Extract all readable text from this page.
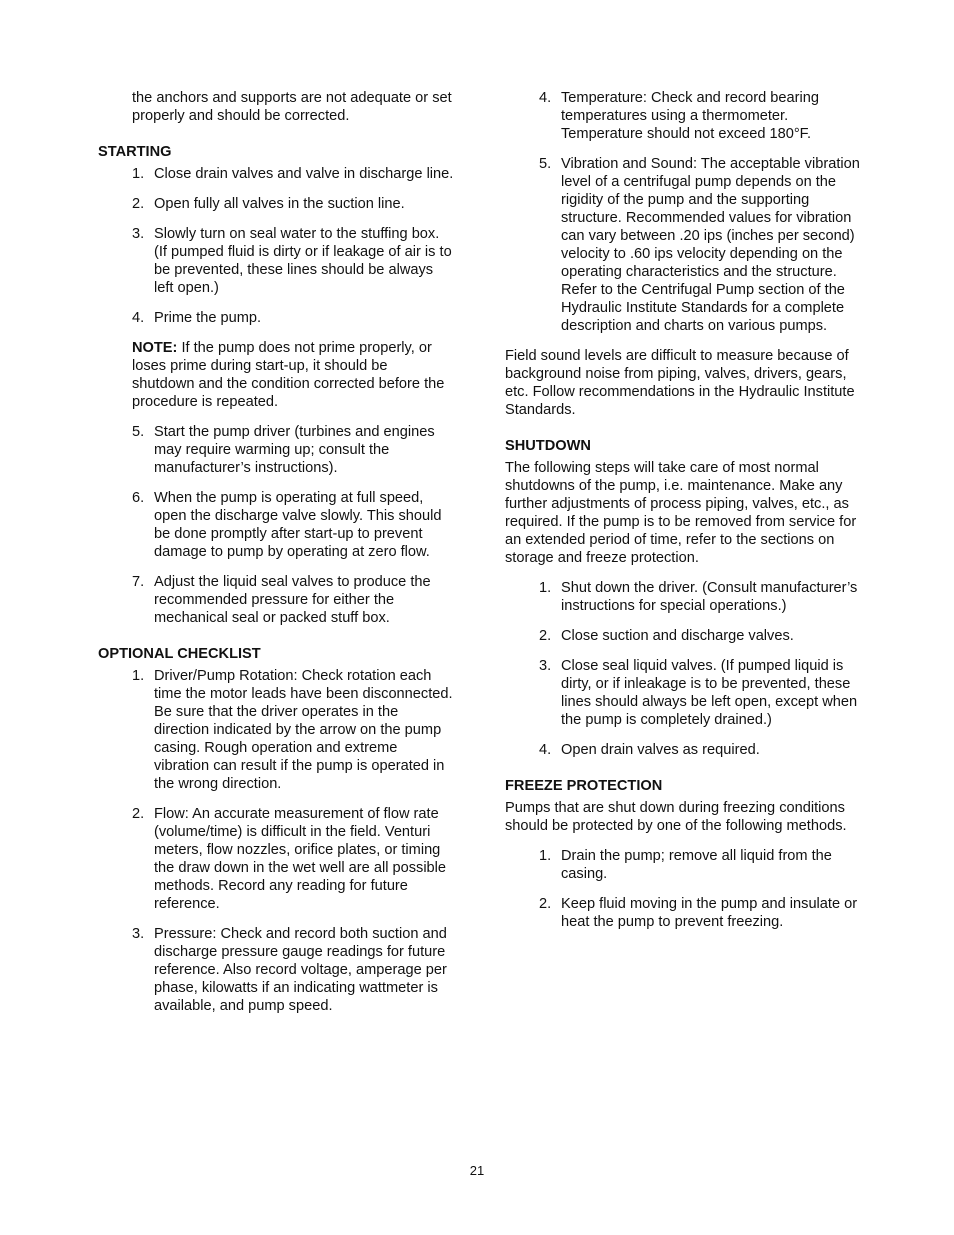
the anchors and supports are not adequate or set properly and should be corrected.

STARTING

1. Close drain valves and valve in discharge line.
2. Open fully all valves in the suction line.
3. Slowly turn on seal water to the stuffing box. (If pumped fluid is dirty or if leakage of air is to be prevented, these lines should be always left open.)
4. Prime the pump.

NOTE: If the pump does not prime properly, or loses prime during start-up, it should be shutdown and the condition corrected before the procedure is repeated.

5. Start the pump driver (turbines and engines may require warming up; consult the manufacturer’s instructions).
6. When the pump is operating at full speed, open the discharge valve slowly. This should be done promptly after start-up to prevent damage to pump by operating at zero flow.
7. Adjust the liquid seal valves to produce the recommended pressure for either the mechanical seal or packed stuff box.

OPTIONAL CHECKLIST

1. Driver/Pump Rotation: Check rotation each time the motor leads have been disconnected. Be sure that the driver operates in the direction indicated by the arrow on the pump casing. Rough operation and extreme vibration can result if the pump is operated in the wrong direction.
2. Flow: An accurate measurement of flow rate (volume/time) is difficult in the field. Venturi meters, flow nozzles, orifice plates, or timing the draw down in the wet well are all possible methods. Record any reading for future reference.
3. Pressure: Check and record both suction and discharge pressure gauge readings for future reference. Also record voltage, amperage per phase, kilowatts if an indicating wattmeter is available, and pump speed.
4. Temperature: Check and record bearing temperatures using a thermometer. Temperature should not exceed 180°F.
5. Vibration and Sound: The acceptable vibration level of a centrifugal pump depends on the rigidity of the pump and the supporting structure. Recommended values for vibration can vary between .20 ips (inches per second) velocity to .60 ips velocity depending on the operating characteristics and the structure. Refer to the Centrifugal Pump section of the Hydraulic Institute Standards for a complete description and charts on various pumps.

Field sound levels are difficult to measure because of background noise from piping, valves, drivers, gears, etc. Follow recommendations in the Hydraulic Institute Standards.

SHUTDOWN

The following steps will take care of most normal shutdowns of the pump, i.e. maintenance. Make any further adjustments of process piping, valves, etc., as required. If the pump is to be removed from service for an extended period of time, refer to the sections on storage and freeze protection.

1. Shut down the driver. (Consult manufacturer’s instructions for special operations.)
2. Close suction and discharge valves.
3. Close seal liquid valves. (If pumped liquid is dirty, or if inleakage is to be prevented, these lines should always be left open, except when the pump is completely drained.)
4. Open drain valves as required.

FREEZE PROTECTION

Pumps that are shut down during freezing conditions should be protected by one of the following methods.

1. Drain the pump; remove all liquid from the casing.
2. Keep fluid moving in the pump and insulate or heat the pump to prevent freezing.
21
